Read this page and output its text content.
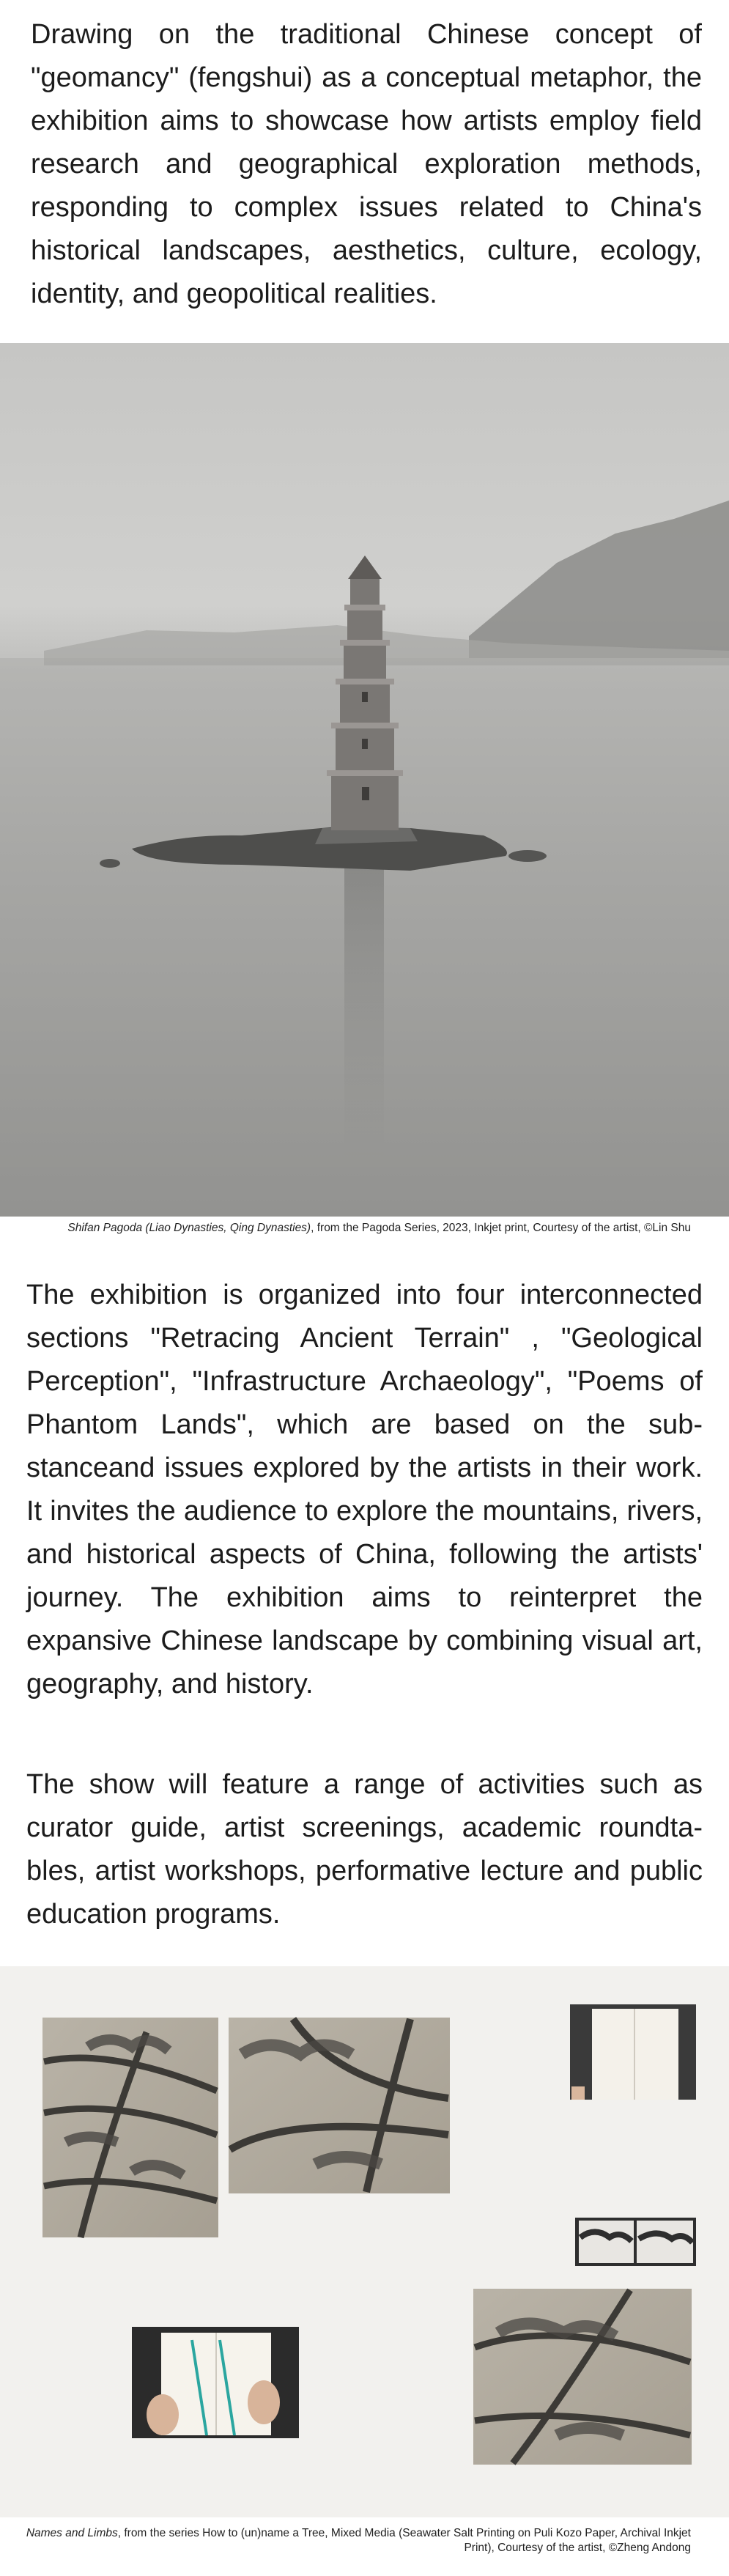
Drawing on the traditional Chinese concept of "geomancy" (fengshui) as a conceptual metaphor, the exhibition aims to showcase how artists employ field research and geographical exploration methods, responding to complex issues related to China's historical landscapes, aesthetics, culture, ecology, identity, and geopolitical realities.

Shifan Pagoda (Liao Dynasties, Qing Dynasties), from the Pagoda Series, 2023, Inkjet print, Courtesy of the artist, ©Lin Shu

The exhibition is organized into four interconnected sections "Retracing Ancient Terrain" , "Geological Perception", "Infrastructure Archaeology", "Poems of Phantom Lands", which are based on the substanceand issues explored by the artists in their work. It invites the audience to explore the mountains, rivers, and historical aspects of China, following the artists' journey. The exhibition aims to reinterpret the expansive Chinese landscape by combining visual art, geography, and history.

The show will feature a range of activities such as curator guide, artist screenings, academic roundtables, artist workshops, performative lecture and public education programs.

Names and Limbs, from the series How to (un)name a Tree, Mixed Media (Seawater Salt Printing on Puli Kozo Paper, Archival Inkjet Print), Courtesy of the artist, ©Zheng Andong
